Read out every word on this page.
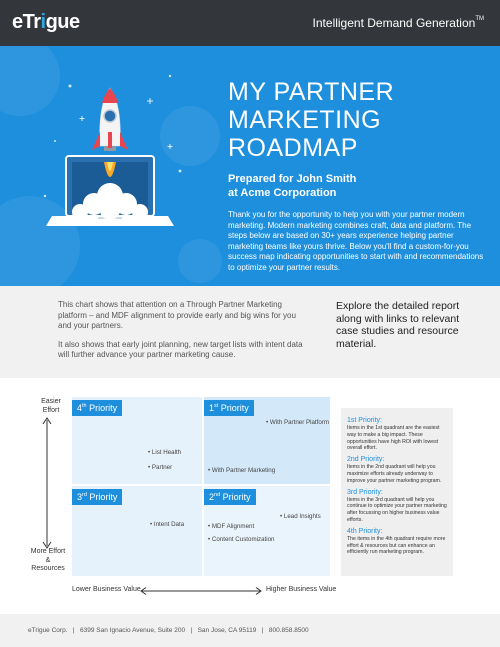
eTrigue	Intelligent Demand Generation™
MY PARTNER
MARKETING
ROADMAP
Prepared for John Smith
at Acme Corporation

Thank you for the opportunity to help you with your partner modern marketing. Modern marketing combines craft, data and platform. The steps below are based on 30+ years experience helping partner marketing teams like yours thrive. Below you'll find a custom-for-you success map indicating opportunities to start with and recommendations to optimize your partner results.

This chart shows that attention on a Through Partner Marketing platform – and MDF alignment to provide early and big wins for you and your partners.

It also shows that early joint planning, new target lists with intent data will further advance your partner marketing cause.

Explore the detailed report along with links to relevant case studies and resource material.
Easier Effort
More Effort & Resources
4th Priority
• List Health
• Partner
1st Priority
• With Partner Platform
• With Partner Marketing
3rd Priority
• Intent Data
2nd Priority
• Lead Insights
• MDF Alignment
• Content Customization
Lower Business Value	Higher Business Value
1st Priority:

Items in the 1st quadrant are the easiest way to make a big impact. These opportunities have high ROI with lowest overall effort.

2nd Priority:

Items in the 2nd quadrant will help you maximize efforts already underway to improve your partner marketing program.

3rd Priority:

Items in the 3rd quadrant will help you continue to optimize your partner marketing after focussing on higher business value efforts.

4th Priority:

The items in the 4th quadrant require more effort & resources but can enhance an efficiently run marketing program.

eTrigue Corp.   |   6399 San Ignacio Avenue, Suite 200   |   San Jose, CA 95119   |   800.858.8500
